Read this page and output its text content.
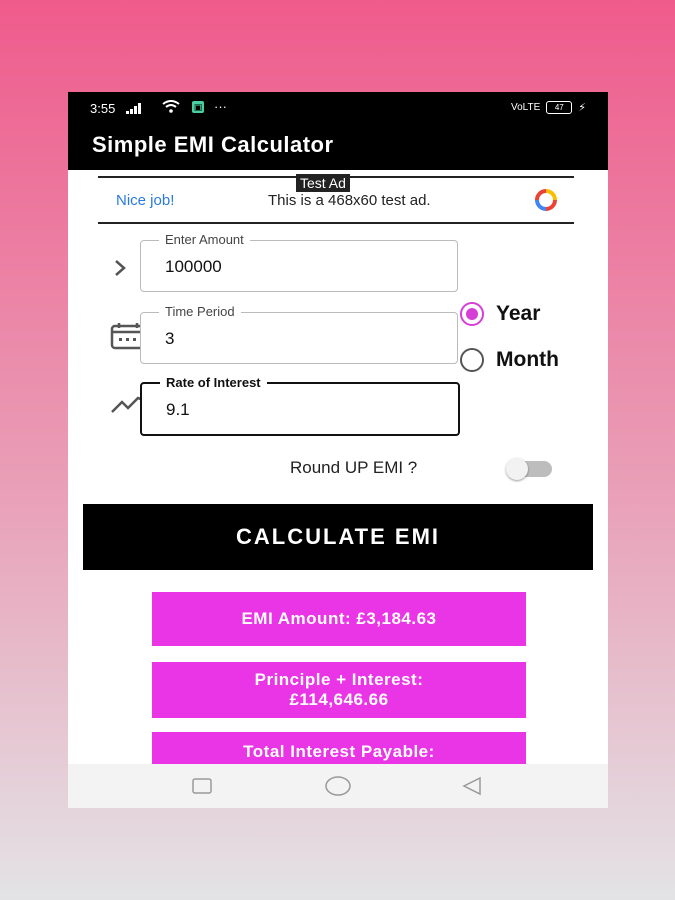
3:55	▣ ···	VoLTE	47	⚡
Simple EMI Calculator
Test Ad
Nice job!	This is a 468x60 test ad.
Enter Amount
100000
Time Period
3
Year
Month
Rate of Interest
9.1
Round UP EMI ?
CALCULATE EMI
EMI Amount: £3,184.63
Principle + Interest:
£114,646.66
Total Interest Payable:
